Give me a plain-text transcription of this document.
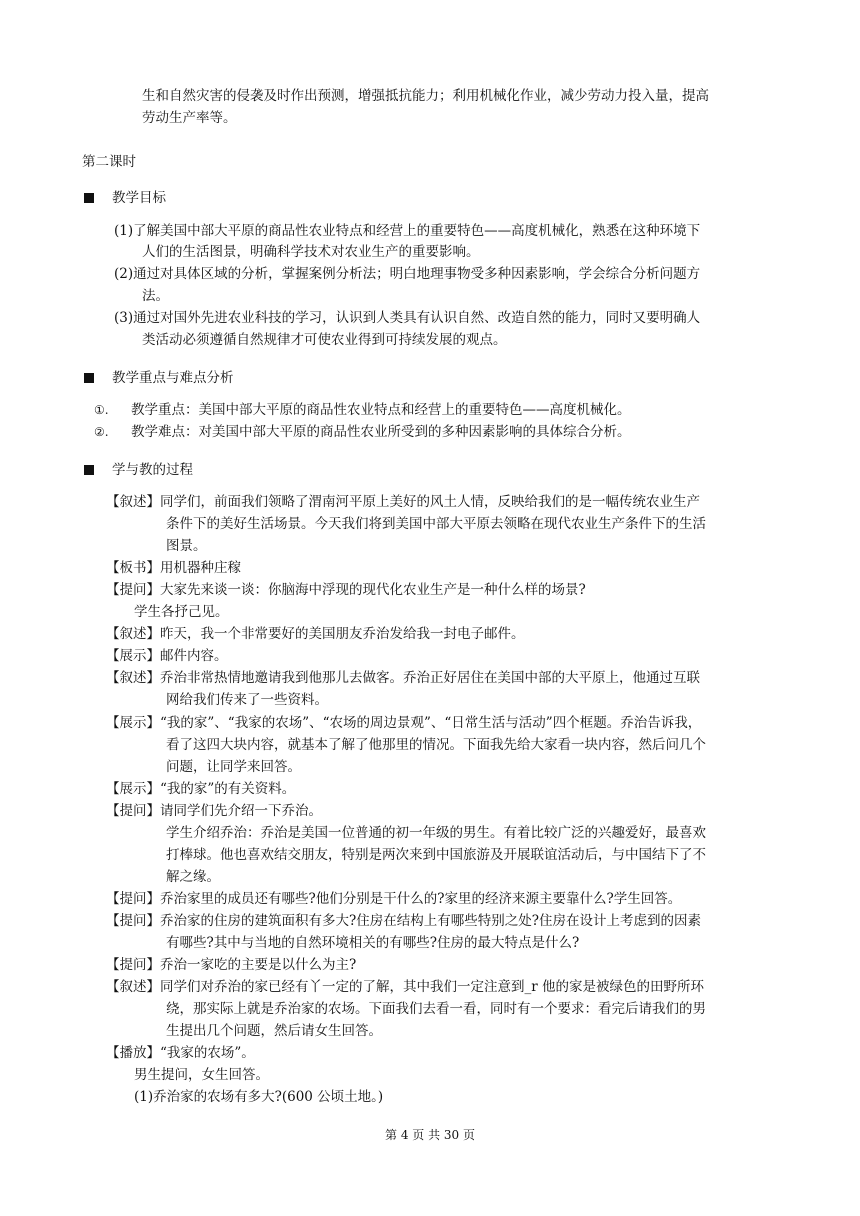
生和自然灾害的侵袭及时作出预测，增强抵抗能力；利用机械化作业，减少劳动力投入量，提高
劳动生产率等。
第二课时
教学目标
(1)了解美国中部大平原的商品性农业特点和经营上的重要特色——高度机械化，熟悉在这种环境下
人们的生活图景，明确科学技术对农业生产的重要影响。
(2)通过对具体区域的分析，掌握案例分析法；明白地理事物受多种因素影响，学会综合分析问题方
法。
(3)通过对国外先进农业科技的学习，认识到人类具有认识自然、改造自然的能力，同时又要明确人
类活动必须遵循自然规律才可使农业得到可持续发展的观点。
教学重点与难点分析
①. 教学重点：美国中部大平原的商品性农业特点和经营上的重要特色——高度机械化。
②. 教学难点：对美国中部大平原的商品性农业所受到的多种因素影响的具体综合分析。
学与教的过程
【叙述】同学们，前面我们领略了渭南河平原上美好的风土人情，反映给我们的是一幅传统农业生产
条件下的美好生活场景。今天我们将到美国中部大平原去领略在现代农业生产条件下的生活
图景。
【板书】用机器种庄稼
【提问】大家先来谈一谈：你脑海中浮现的现代化农业生产是一种什么样的场景?
学生各抒己见。
【叙述】昨天，我一个非常要好的美国朋友乔治发给我一封电子邮件。
【展示】邮件内容。
【叙述】乔治非常热情地邀请我到他那儿去做客。乔治正好居住在美国中部的大平原上，他通过互联
网给我们传来了一些资料。
【展示】“我的家”、“我家的农场”、“农场的周边景观”、“日常生活与活动”四个框题。乔治告诉我，
看了这四大块内容，就基本了解了他那里的情况。下面我先给大家看一块内容，然后问几个
问题，让同学来回答。
【展示】“我的家”的有关资料。
【提问】请同学们先介绍一下乔治。
学生介绍乔治：乔治是美国一位普通的初一年级的男生。有着比较广泛的兴趣爱好，最喜欢
打棒球。他也喜欢结交朋友，特别是两次来到中国旅游及开展联谊活动后，与中国结下了不
解之缘。
【提问】乔治家里的成员还有哪些?他们分别是干什么的?家里的经济来源主要靠什么?学生回答。
【提问】乔治家的住房的建筑面积有多大?住房在结构上有哪些特别之处?住房在设计上考虑到的因素
有哪些?其中与当地的自然环境相关的有哪些?住房的最大特点是什么?
【提问】乔治一家吃的主要是以什么为主?
【叙述】同学们对乔治的家已经有丫一定的了解，其中我们一定注意到_r 他的家是被绿色的田野所环
绕，那实际上就是乔治家的农场。下面我们去看一看，同时有一个要求：看完后请我们的男
生提出几个问题，然后请女生回答。
【播放】“我家的农场”。
男生提问，女生回答。
(1)乔治家的农场有多大?(600 公顷土地。)
第 4 页 共 30 页
